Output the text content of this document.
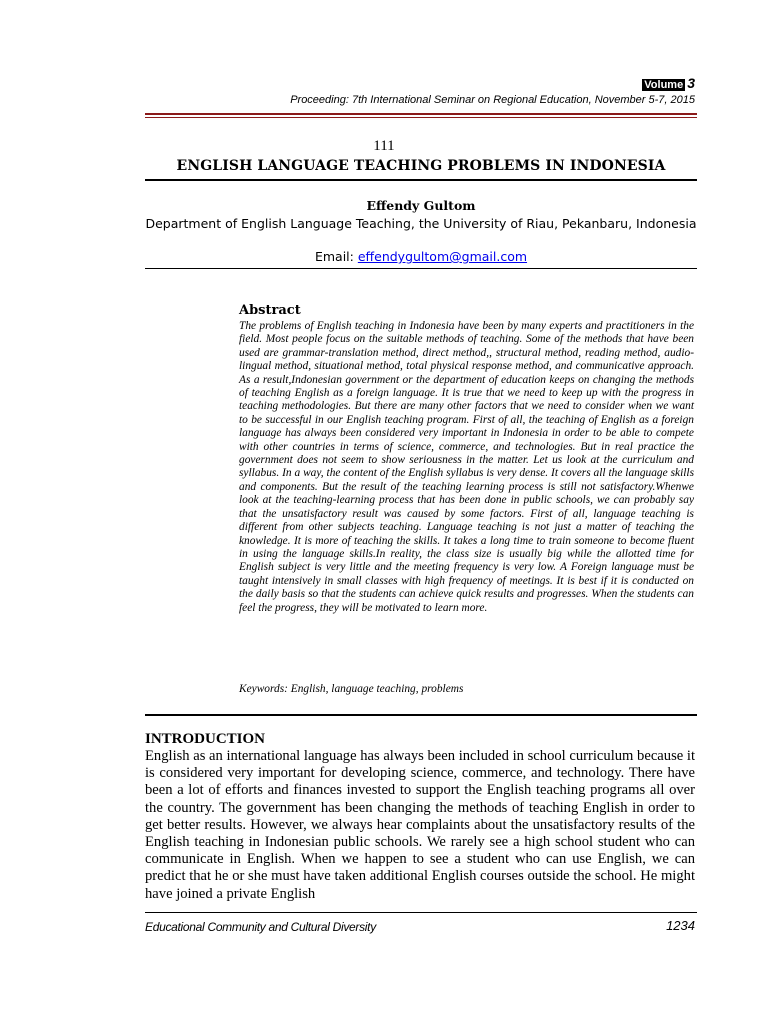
Volume 3
Proceeding: 7th International Seminar on Regional Education, November 5-7, 2015
111
ENGLISH LANGUAGE TEACHING PROBLEMS IN INDONESIA
Effendy Gultom
Department of English Language Teaching, the University of Riau, Pekanbaru, Indonesia
Email: effendygultom@gmail.com
Abstract
The problems of English teaching in Indonesia have been by many experts and practitioners in the field. Most people focus on the suitable methods of teaching. Some of the methods that have been used are grammar-translation method, direct method,, structural method, reading method, audio-lingual method, situational method, total physical response method, and communicative approach. As a result,Indonesian government or the department of education keeps on changing the methods of teaching English as a foreign language. It is true that we need to keep up with the progress in teaching methodologies. But there are many other factors that we need to consider when we want to be successful in our English teaching program. First of all, the teaching of English as a foreign language has always been considered very important in Indonesia in order to be able to compete with other countries in terms of science, commerce, and technologies. But in real practice the government does not seem to show seriousness in the matter. Let us look at the curriculum and syllabus. In a way, the content of the English syllabus is very dense. It covers all the language skills and components. But the result of the teaching learning process is still not satisfactory.Whenwe look at the teaching-learning process that has been done in public schools, we can probably say that the unsatisfactory result was caused by some factors. First of all, language teaching is different from other subjects teaching. Language teaching is not just a matter of teaching the knowledge. It is more of teaching the skills. It takes a long time to train someone to become fluent in using the language skills.In reality, the class size is usually big while the allotted time for English subject is very little and the meeting frequency is very low. A Foreign language must be taught intensively in small classes with high frequency of meetings. It is best if it is conducted on the daily basis so that the students can achieve quick results and progresses. When the students can feel the progress, they will be motivated to learn more.
Keywords: English, language teaching, problems
INTRODUCTION
English as an international language has always been included in school curriculum because it is considered very important for developing science, commerce, and technology. There have been a lot of efforts and finances invested to support the English teaching programs all over the country. The government has been changing the methods of teaching English in order to get better results. However, we always hear complaints about the unsatisfactory results of the English teaching in Indonesian public schools. We rarely see a high school student who can communicate in English. When we happen to see a student who can use English, we can predict that he or she must have taken additional English courses outside the school. He might have joined a private English
Educational Community and Cultural Diversity	1234
